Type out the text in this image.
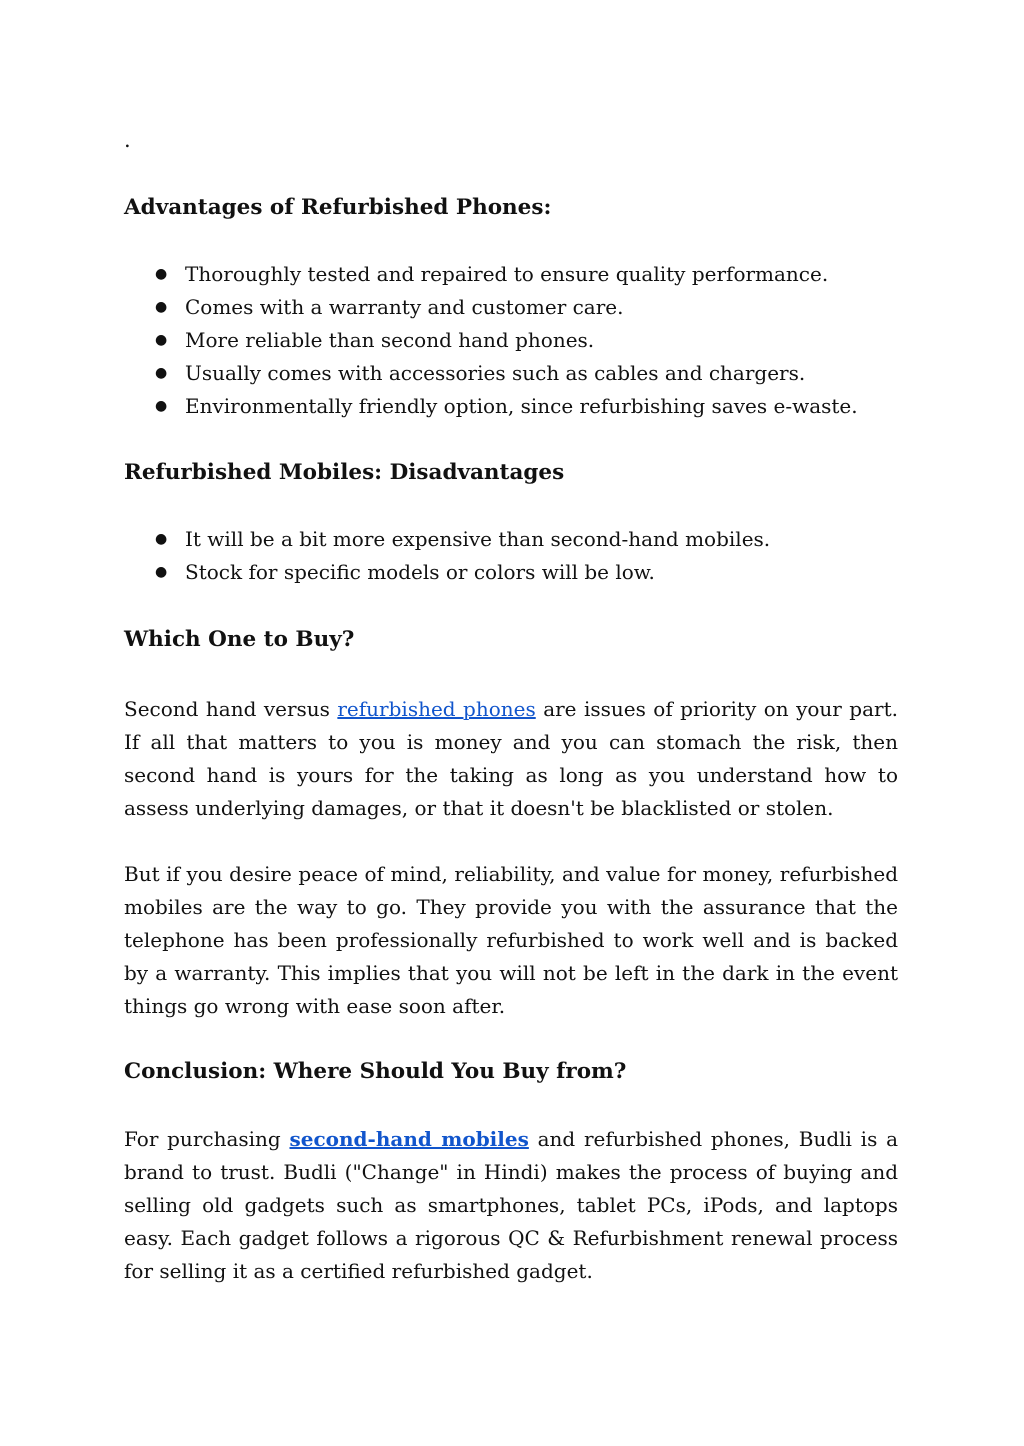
.
Advantages of Refurbished Phones:
● Thoroughly tested and repaired to ensure quality performance.
● Comes with a warranty and customer care.
● More reliable than second hand phones.
● Usually comes with accessories such as cables and chargers.
● Environmentally friendly option, since refurbishing saves e-waste.
Refurbished Mobiles: Disadvantages
● It will be a bit more expensive than second-hand mobiles.
● Stock for specific models or colors will be low.
Which One to Buy?

Second hand versus refurbished phones are issues of priority on your part. If all that matters to you is money and you can stomach the risk, then second hand is yours for the taking as long as you understand how to assess underlying damages, or that it doesn't be blacklisted or stolen.

But if you desire peace of mind, reliability, and value for money, refurbished mobiles are the way to go. They provide you with the assurance that the telephone has been professionally refurbished to work well and is backed by a warranty. This implies that you will not be left in the dark in the event things go wrong with ease soon after.

Conclusion: Where Should You Buy from?

For purchasing second-hand mobiles and refurbished phones, Budli is a brand to trust. Budli ("Change" in Hindi) makes the process of buying and selling old gadgets such as smartphones, tablet PCs, iPods, and laptops easy. Each gadget follows a rigorous QC & Refurbishment renewal process for selling it as a certified refurbished gadget.
